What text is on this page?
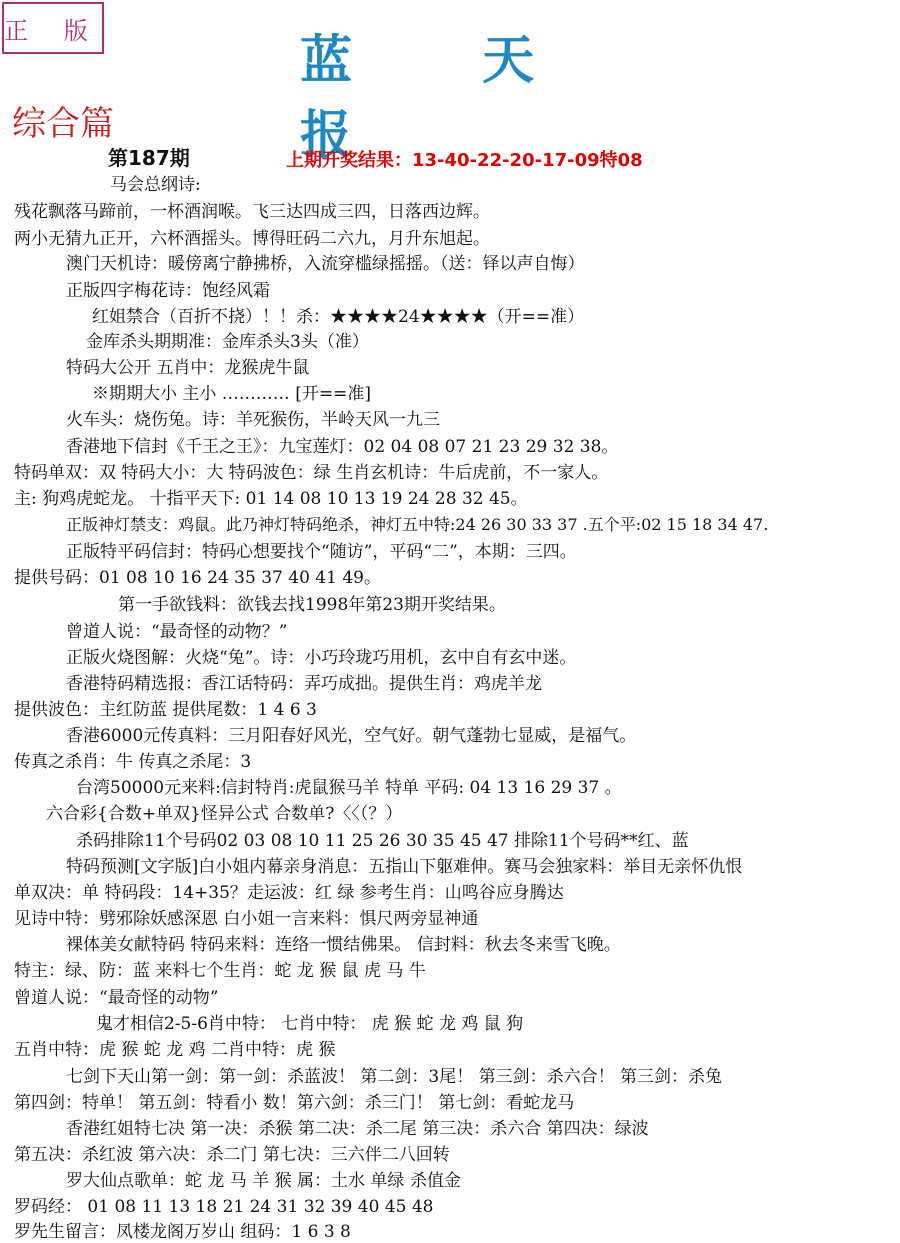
正 版
蓝 天 报
综合篇
第187期	上期开奖结果：13-40-22-20-17-09特08
马会总纲诗:
残花飘落马蹄前，一杯酒润喉。飞三达四成三四，日落西边辉。
两小无猜九正开，六杯酒摇头。博得旺码二六九，月升东旭起。
澳门天机诗：暖傍离宁静拂桥，入流穿槛绿摇摇。（送：铎以声自悔）
正版四字梅花诗：饱经风霜
红姐禁合（百折不挠）！！杀：★★★★24★★★★（开==准）
金库杀头期期准：金库杀头3头（准）
特码大公开 五肖中：龙猴虎牛鼠
※期期大小 主小 ………… [开==准]
火车头：烧伤兔。诗：羊死猴伤，半岭天风一九三
香港地下信封《千王之王》：九宝莲灯：02 04 08 07 21 23 29 32 38。
特码单双：双 特码大小：大 特码波色：绿 生肖玄机诗：牛后虎前，不一家人。
主: 狗鸡虎蛇龙。 十指平天下: 01 14 08 10 13 19 24 28 32 45。
正版神灯禁支：鸡鼠。此乃神灯特码绝杀，神灯五中特:24 26 30 33 37 .五个平:02 15 18 34 47.
正版特平码信封：特码心想要找个“随访”，平码“二”，本期：三四。
提供号码：01 08 10 16 24 35 37 40 41 49。
第一手欲钱料：欲钱去找1998年第23期开奖结果。
曾道人说：“最奇怪的动物？”
正版火烧图解：火烧“兔”。诗：小巧玲珑巧用机，玄中自有玄中迷。
香港特码精选报：香江话特码：弄巧成拙。提供生肖：鸡虎羊龙
提供波色：主红防蓝 提供尾数：1 4 6 3
香港6000元传真料：三月阳春好风光，空气好。朝气蓬勃七显威，是福气。
传真之杀肖：牛 传真之杀尾：3
台湾50000元来料:信封特肖:虎鼠猴马羊 特单 平码: 04 13 16 29 37 。
六合彩{合数+单双}怪异公式 合数单?〈〈（？）
杀码排除11个号码02 03 08 10 11 25 26 30 35 45 47 排除11个号码**红、蓝
特码预测[文字版]白小姐内幕亲身消息：五指山下躯难伸。赛马会独家料：举目无亲怀仇恨
单双决：单 特码段：14+35？走运波：红 绿 参考生肖：山鸣谷应身腾达
见诗中特：劈邪除妖感深恩 白小姐一言来料：惧尺两旁显神通
裸体美女献特码 特码来料：连络一惯结佛果。 信封料：秋去冬来雪飞晚。
特主：绿、防：蓝 来料七个生肖：蛇 龙 猴 鼠 虎 马 牛
曾道人说：“最奇怪的动物”
鬼才相信2-5-6肖中特： 七肖中特： 虎 猴 蛇 龙 鸡 鼠 狗
五肖中特：虎 猴 蛇 龙 鸡 二肖中特：虎 猴
七剑下天山第一剑：第一剑：杀蓝波！ 第二剑：3尾！ 第三剑：杀六合！ 第三剑：杀兔
第四剑：特单！ 第五剑：特看小 数！第六剑：杀三门！ 第七剑：看蛇龙马
香港红姐特七决 第一决：杀猴 第二决：杀二尾 第三决：杀六合 第四决：绿波
第五决：杀红波 第六决：杀二门 第七决：三六伴二八回转
罗大仙点歌单：蛇 龙 马 羊 猴 属：土水 单绿 杀值金
罗码经： 01 08 11 13 18 21 24 31 32 39 40 45 48
罗先生留言：凤楼龙阁万岁山 组码：1 6 3 8
